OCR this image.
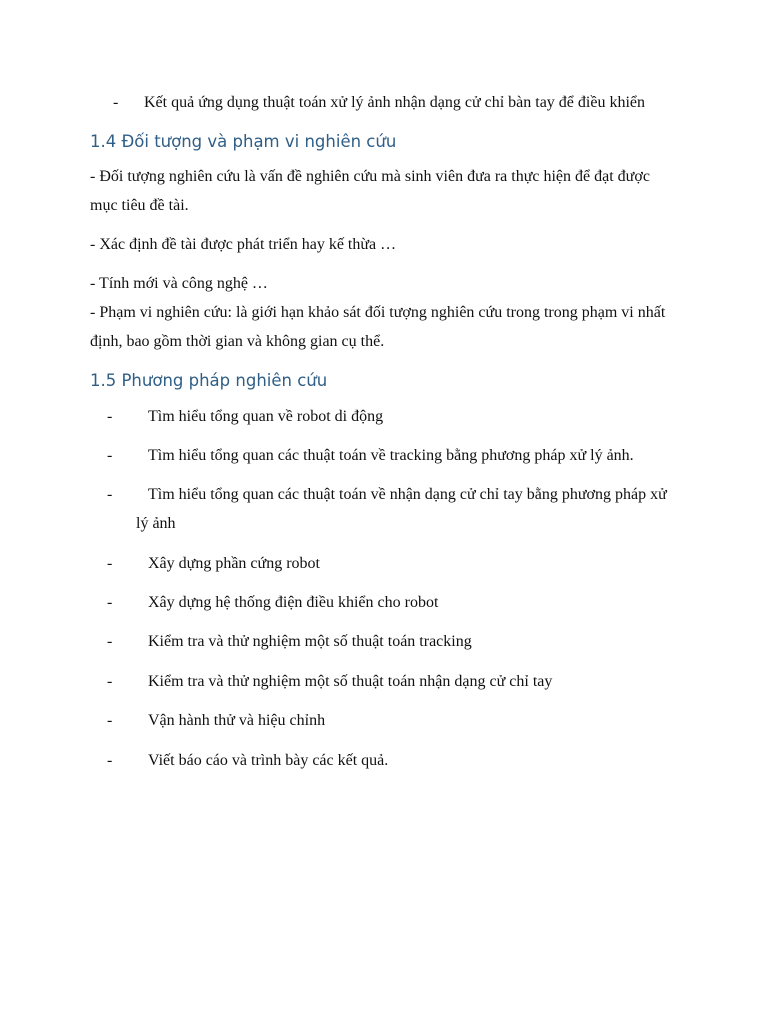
- Kết quả ứng dụng thuật toán xử lý ảnh nhận dạng cử chỉ bàn tay để điều khiển
1.4 Đối tượng và phạm vi nghiên cứu

- Đối tượng nghiên cứu là vấn đề nghiên cứu mà sinh viên đưa ra thực hiện để đạt được mục tiêu đề tài.

- Xác định đề tài được phát triển hay kế thừa …

- Tính mới và công nghệ …

- Phạm vi nghiên cứu: là giới hạn khảo sát đối tượng nghiên cứu trong trong phạm vi nhất định, bao gồm thời gian và không gian cụ thể.

1.5 Phương pháp nghiên cứu
- Tìm hiểu tổng quan về robot di động
- Tìm hiểu tổng quan các thuật toán về tracking bằng phương pháp xử lý ảnh.
-	Tìm hiểu tổng quan các thuật toán về nhận dạng cử chỉ tay bằng phương pháp xử lý ảnh
- Xây dựng phần cứng robot
- Xây dựng hệ thống điện điều khiển cho robot
- Kiểm tra và thử nghiệm một số thuật toán tracking
- Kiểm tra và thử nghiệm một số thuật toán nhận dạng cử chỉ tay
- Vận hành thử và hiệu chỉnh
- Viết báo cáo và trình bày các kết quả.
